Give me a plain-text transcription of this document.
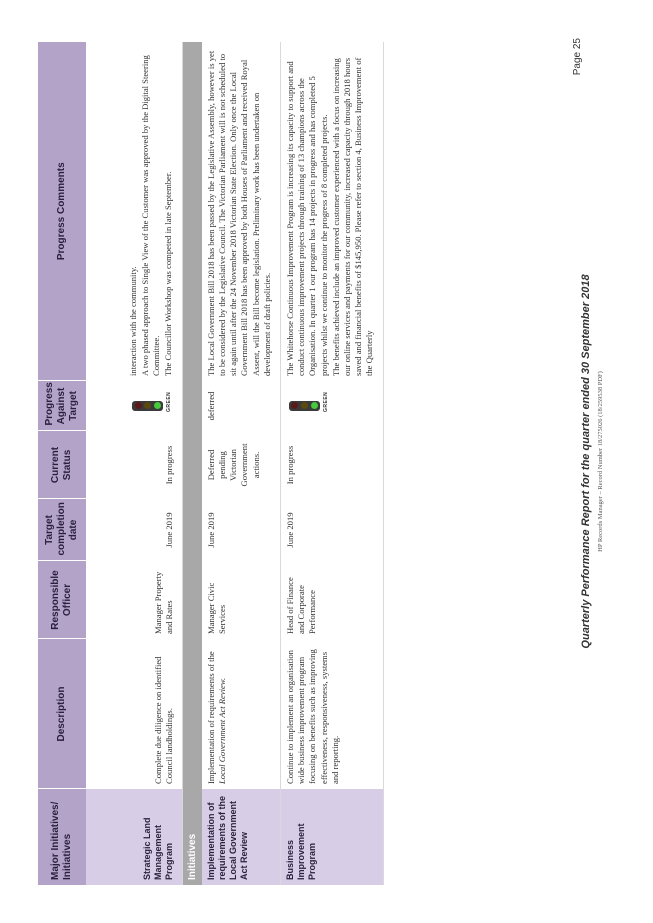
Major Initiatives/ Initiatives	Description	Responsible Officer	Target completion date	Current Status	Progress Against Target	Progress Comments
Strategic Land Management Program	Complete due diligence on identified Council landholdings.	Manager Property and Rates	June 2019	In progress	GREEN	interaction with the community. A two phased approach to Single View of the Customer was approved by the Digital Steering Committee. The Councillor Workshop was competed in late September.

Initiatives						
Implementation of requirements of the Local Government Act Review	Implementation of requirements of the Local Government Act Review.	Manager Civic Services	June 2019	Deferred pending Victorian Government actions.	deferred	The Local Government Bill 2018 has been passed by the Legislative Assembly, however is yet to be considered by the Legislative Council. The Victorian Parliament will is not scheduled to sit again until after the 24 November 2018 Victorian State Election. Only once the Local Government Bill 2018 has been approved by both Houses of Parliament and received Royal Assent, will the Bill become legislation. Preliminary work has been undertaken on development of draft policies.

Business Improvement Program	Continue to implement an organisation wide business improvement program focusing on benefits such as improving effectiveness, responsiveness, systems and reporting.	Head of Finance and Corporate Performance	June 2019	In progress	GREEN	The Whitehorse Continuous Improvement Program is increasing its capacity to support and conduct continuous improvement projects through training of 13 champions across the Organisation. In quarter 1 our program has 14 projects in progress and has completed 5 projects whilst we continue to monitor the progress of 8 completed projects. The benefits achieved include an improved customer experienced with a focus on increasing our online services and payments for our community, increased capacity through 2018 hours saved and financial benefits of $145,950. Please refer to section 4, Business Improvement of the Quarterly	Quarterly Performance Report for the quarter ended 30 September 2018 HP Records Manager – Record Number 18/275026 (18/259538 PDF)
Page 25
